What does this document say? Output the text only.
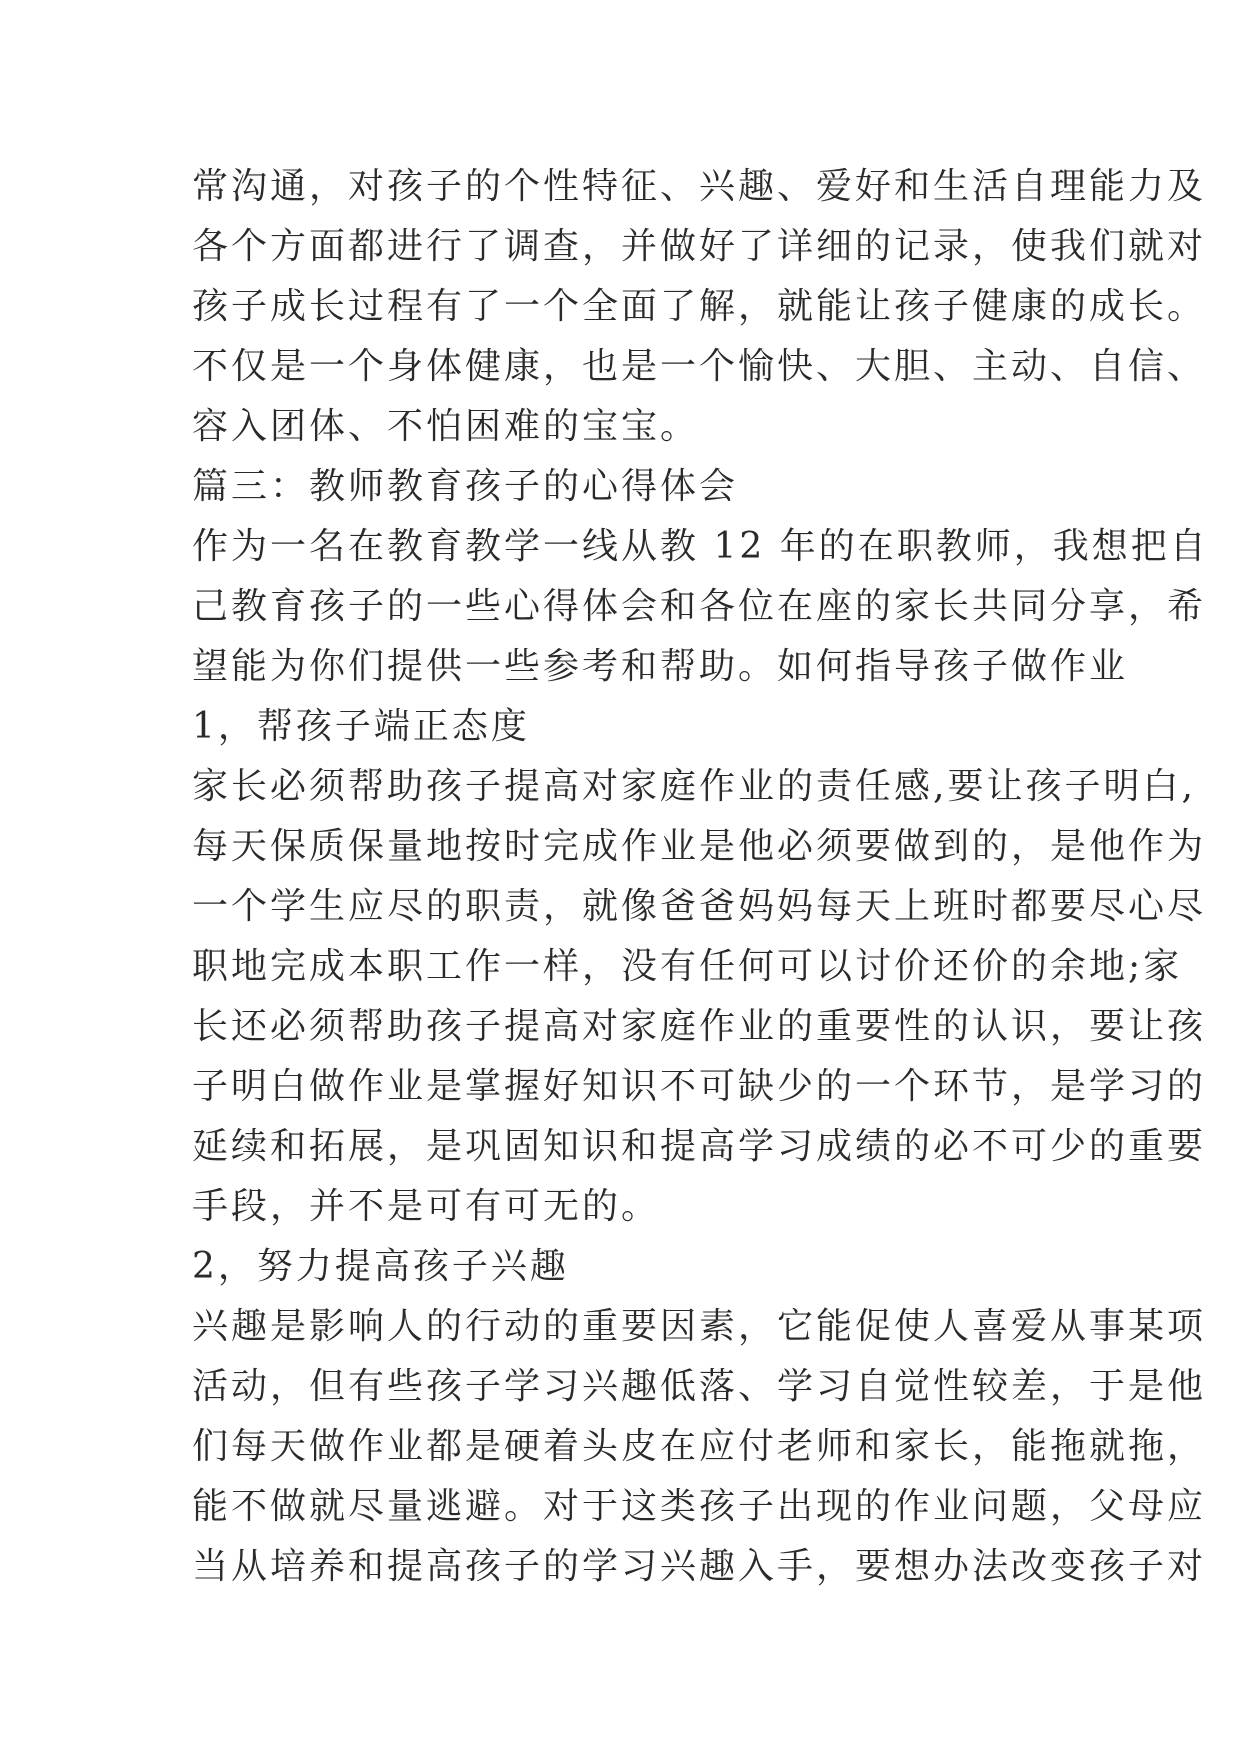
常沟通，对孩子的个性特征、兴趣、爱好和生活自理能力及
各个方面都进行了调查，并做好了详细的记录，使我们就对
孩子成长过程有了一个全面了解，就能让孩子健康的成长。
不仅是一个身体健康，也是一个愉快、大胆、主动、自信、
容入团体、不怕困难的宝宝。
篇三：教师教育孩子的心得体会
作为一名在教育教学一线从教 12 年的在职教师，我想把自
己教育孩子的一些心得体会和各位在座的家长共同分享，希
望能为你们提供一些参考和帮助。如何指导孩子做作业
1，帮孩子端正态度
家长必须帮助孩子提高对家庭作业的责任感,要让孩子明白,
每天保质保量地按时完成作业是他必须要做到的，是他作为
一个学生应尽的职责，就像爸爸妈妈每天上班时都要尽心尽
职地完成本职工作一样，没有任何可以讨价还价的余地;家
长还必须帮助孩子提高对家庭作业的重要性的认识，要让孩
子明白做作业是掌握好知识不可缺少的一个环节，是学习的
延续和拓展，是巩固知识和提高学习成绩的必不可少的重要
手段，并不是可有可无的。
2，努力提高孩子兴趣
兴趣是影响人的行动的重要因素，它能促使人喜爱从事某项
活动，但有些孩子学习兴趣低落、学习自觉性较差，于是他
们每天做作业都是硬着头皮在应付老师和家长，能拖就拖，
能不做就尽量逃避。对于这类孩子出现的作业问题，父母应
当从培养和提高孩子的学习兴趣入手，要想办法改变孩子对
